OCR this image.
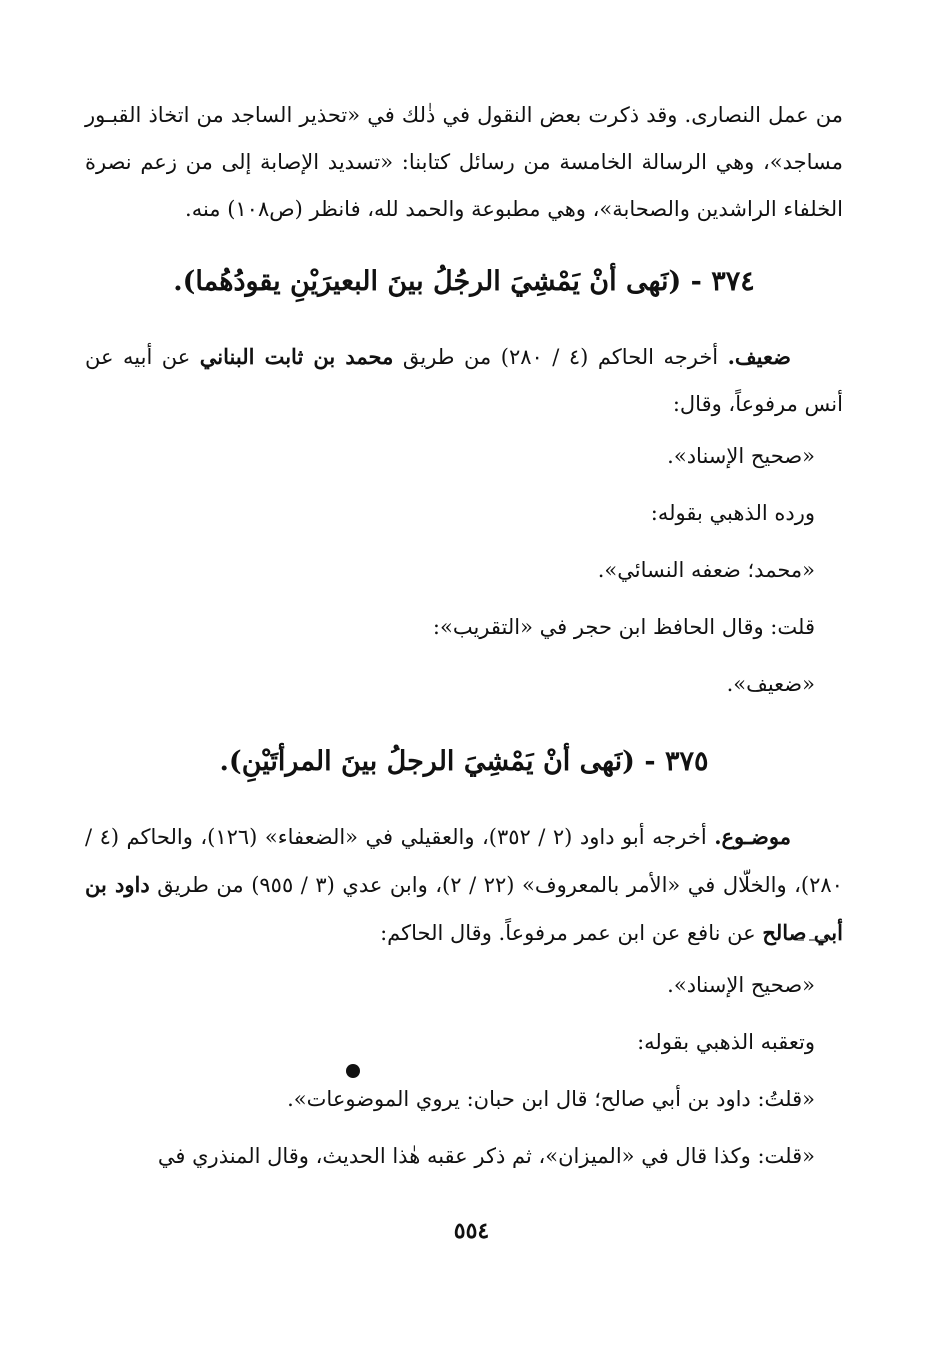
من عمل النصارى. وقد ذكرت بعض النقول في ذٰلك في «تحذير الساجد من اتخاذ القبـور مساجد»، وهي الرسالة الخامسة من رسائل كتابنا: «تسديد الإصابة إلى من زعم نصرة الخلفاء الراشدين والصحابة»، وهي مطبوعة والحمد لله، فانظر (ص١٠٨) منه.

٣٧٤ - (نَهى أنْ يَمْشِيَ الرجُلُ بينَ البعيرَيْنِ يقودُهُما).

ضعيف. أخرجه الحاكم (٤ / ٢٨٠) من طريق محمد بن ثابت البناني عن أبيه عن أنس مرفوعاً، وقال:

«صحيح الإسناد».

ورده الذهبي بقوله:

«محمد؛ ضعفه النسائي».

قلت: وقال الحافظ ابن حجر في «التقريب»:

«ضعيف».

٣٧٥ - (نَهى أنْ يَمْشِيَ الرجلُ بينَ المرأتَيْنِ).

موضـوع. أخرجه أبو داود (٢ / ٣٥٢)، والعقيلي في «الضعفاء» (١٢٦)، والحاكم (٤ / ٢٨٠)، والخلّال في «الأمر بالمعروف» (٢٢ / ٢)، وابن عدي (٣ / ٩٥٥) من طريق داود بن أبي صالح عن نافع عن ابن عمر مرفوعاً. وقال الحاكم:

«صحيح الإسناد».

وتعقبه الذهبي بقوله:

«قلتُ: داود بن أبي صالح؛ قال ابن حبان: يروي الموضوعات».

«قلت: وكذا قال في «الميزان»، ثم ذكر عقبه هٰذا الحديث، وقال المنذري في

٥٥٤
